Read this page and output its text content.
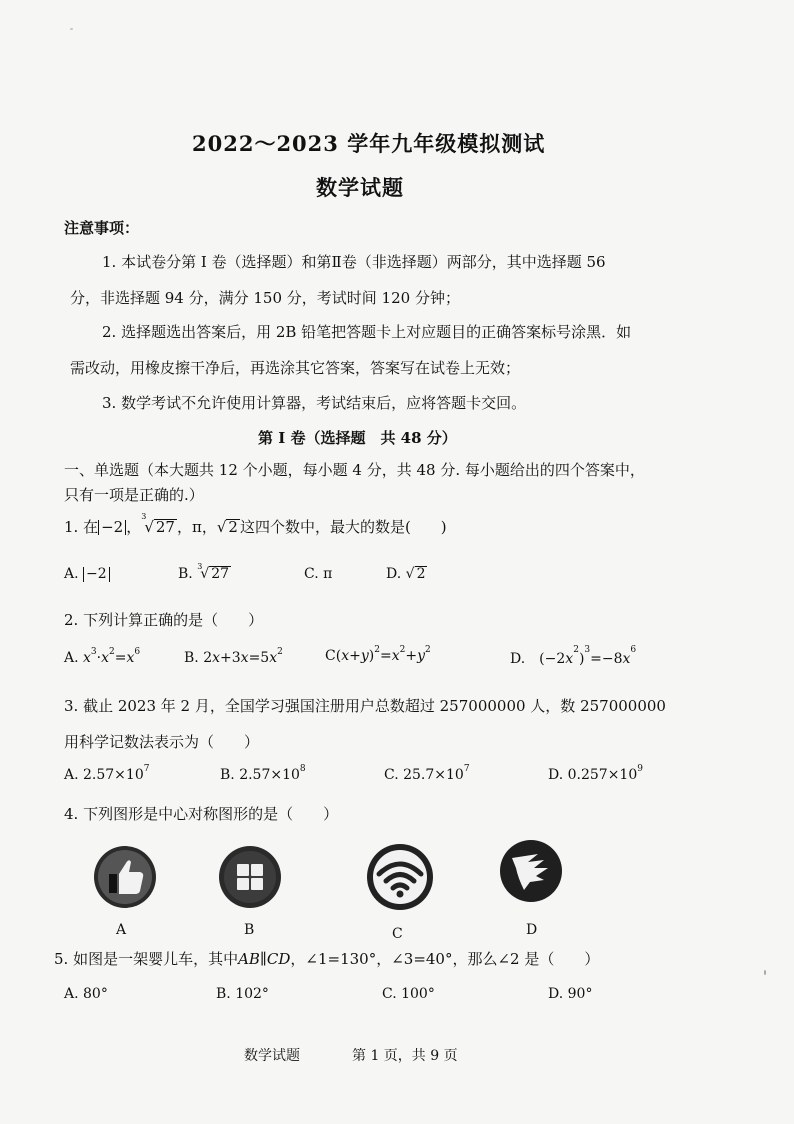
2022～2023 学年九年级模拟测试
数学试题
注意事项：
1. 本试卷分第 I 卷（选择题）和第Ⅱ卷（非选择题）两部分，其中选择题 56
分，非选择题 94 分，满分 150 分，考试时间 120 分钟；
2. 选择题选出答案后，用 2B 铅笔把答题卡上对应题目的正确答案标号涂黑．如
需改动，用橡皮擦干净后，再选涂其它答案，答案写在试卷上无效；
3. 数学考试不允许使用计算器，考试结束后，应将答题卡交回。
第 I 卷（选择题　共 48 分）
一、单选题（本大题共 12 个小题，每小题 4 分，共 48 分. 每小题给出的四个答案中，
只有一项是正确的.）
1. 在 −2 ，$^3$√ 27 ，π，√ 2 这四个数中，最大的数是(　　)
A. −2	B. $^3$√ 27	C. π	D. √ 2
2. 下列计算正确的是（　　）
A. $x^3\cdot x^2=x^6$	B. $2x+3x=5x^2$	$C(x+y)^2=x^2+y^2$
D.　$(-2x^2)^3=-8x^6$
3. 截止 2023 年 2 月，全国学习强国注册用户总数超过 257000000 人，数 257000000
用科学记数法表示为（　　）
A. $2.57\times 10^7$	B. $2.57\times 10^8$	C. $25.7\times 10^7$	D. $0.257\times 10^9$
4. 下列图形是中心对称图形的是（　　）
A	B	C	D
5. 如图是一架婴儿车，其中AB∥CD，∠1=130°，∠3=40°，那么∠2 是（　　）
A. 80°	B. 102°	C. 100°	D. 90°
数学试题	第 1 页，共 9 页
